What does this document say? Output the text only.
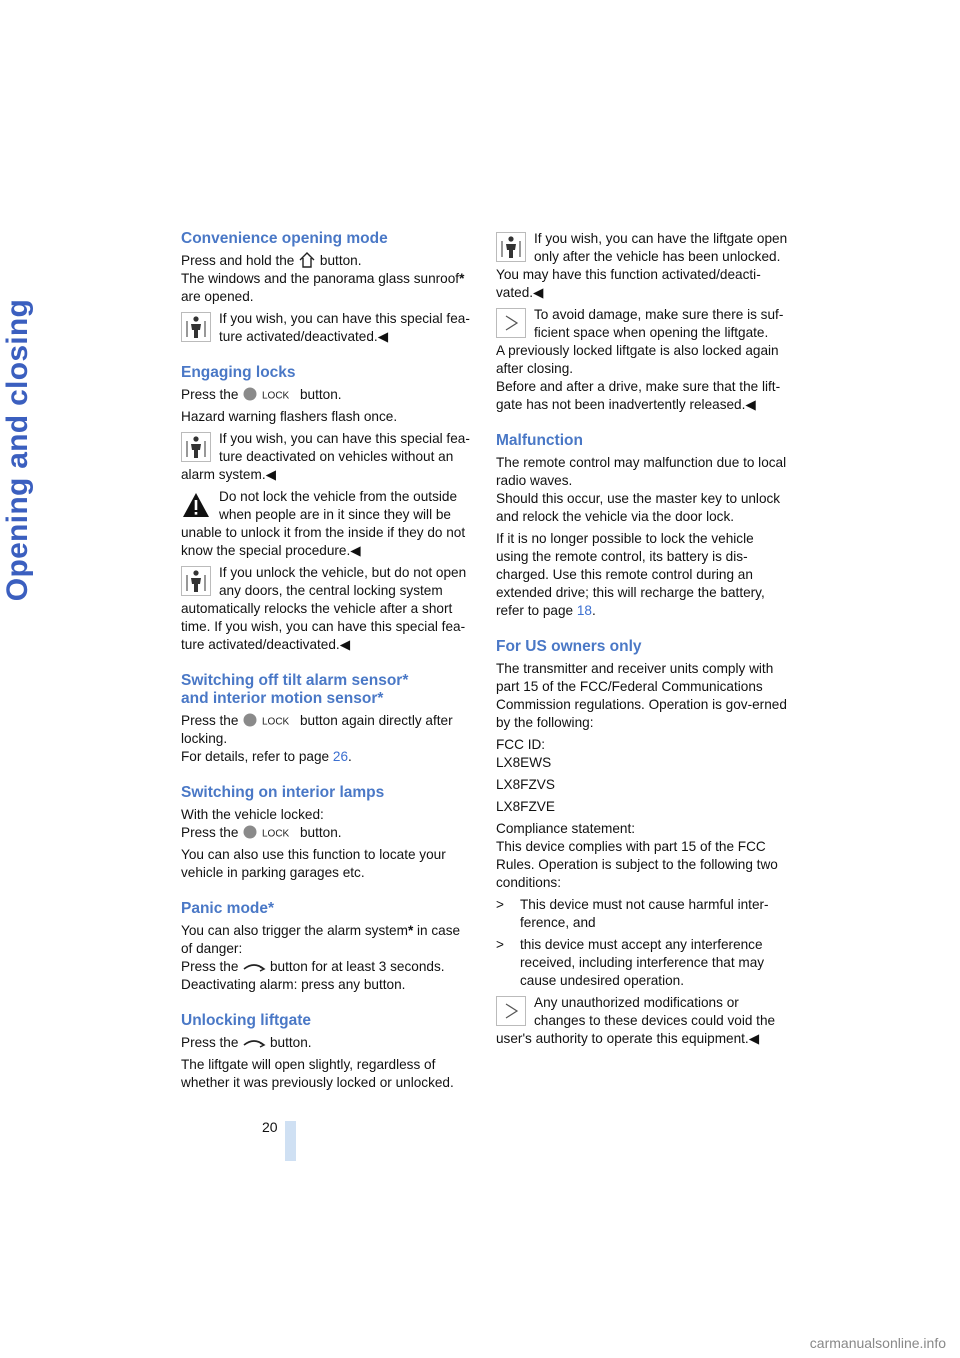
Opening and closing
Convenience opening mode

Press and hold the button.
The windows and the panorama glass sunroof*
are opened.

If you wish, you can have this special fea-ture activated/deactivated.◀
Engaging locks

Press the LOCK button.

Hazard warning flashers flash once.

If you wish, you can have this special fea-ture deactivated on vehicles without an alarm system.◀
Do not lock the vehicle from the outside when people are in it since they will be unable to unlock it from the inside if they do not know the special procedure.◀
If you unlock the vehicle, but do not open any doors, the central locking system automatically relocks the vehicle after a short time. If you wish, you can have this special fea-ture activated/deactivated.◀
Switching off tilt alarm sensor*
and interior motion sensor*

Press the LOCK button again directly after locking.
For details, refer to page 26.

Switching on interior lamps

With the vehicle locked:
Press the LOCK button.

You can also use this function to locate your vehicle in parking garages etc.

Panic mode*

You can also trigger the alarm system* in case of danger:
Press the button for at least 3 seconds.
Deactivating alarm: press any button.

Unlocking liftgate

Press the button.

The liftgate will open slightly, regardless of whether it was previously locked or unlocked.

If you wish, you can have the liftgate open only after the vehicle has been unlocked. You may have this function activated/deacti-vated.◀
To avoid damage, make sure there is suf-ficient space when opening the liftgate.
A previously locked liftgate is also locked again after closing.
Before and after a drive, make sure that the lift-gate has not been inadvertently released.◀
Malfunction

The remote control may malfunction due to local radio waves.
Should this occur, use the master key to unlock and relock the vehicle via the door lock.

If it is no longer possible to lock the vehicle using the remote control, its battery is dis-charged. Use this remote control during an extended drive; this will recharge the battery, refer to page 18.

For US owners only

The transmitter and receiver units comply with part 15 of the FCC/Federal Communications Commission regulations. Operation is gov-erned by the following:

FCC ID:
LX8EWS

LX8FZVS

LX8FZVE

Compliance statement:
This device complies with part 15 of the FCC Rules. Operation is subject to the following two conditions:

>	This device must not cause harmful inter-ference, and
>	this device must accept any interference received, including interference that may cause undesired operation.
Any unauthorized modifications or changes to these devices could void the user's authority to operate this equipment.◀
20
carmanualsonline.info
